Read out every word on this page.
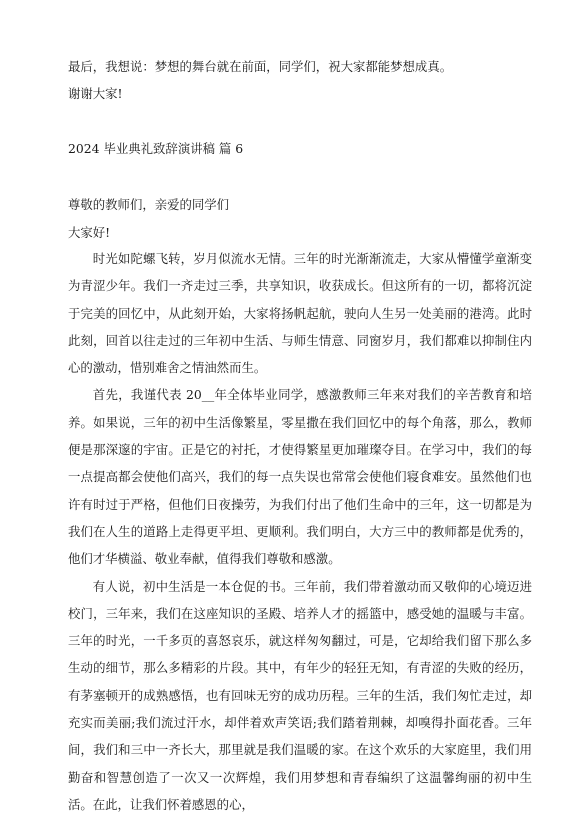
最后，我想说：梦想的舞台就在前面，同学们，祝大家都能梦想成真。

谢谢大家!

2024 毕业典礼致辞演讲稿 篇 6

尊敬的教师们，亲爱的同学们

大家好!

时光如陀螺飞转，岁月似流水无情。三年的时光渐渐流走，大家从懵懂学童渐变为青涩少年。我们一齐走过三季，共享知识，收获成长。但这所有的一切，都将沉淀于完美的回忆中，从此刻开始，大家将扬帆起航，驶向人生另一处美丽的港湾。此时此刻，回首以往走过的三年初中生活、与师生情意、同窗岁月，我们都难以抑制住内心的激动，惜别难舍之情油然而生。

首先，我谨代表 20__年全体毕业同学，感激教师三年来对我们的辛苦教育和培养。如果说，三年的初中生活像繁星，零星撒在我们回忆中的每个角落，那么，教师便是那深邃的宇宙。正是它的衬托，才使得繁星更加璀璨夺目。在学习中，我们的每一点提高都会使他们高兴，我们的每一点失误也常常会使他们寝食难安。虽然他们也许有时过于严格，但他们日夜操劳，为我们付出了他们生命中的三年，这一切都是为我们在人生的道路上走得更平坦、更顺利。我们明白，大方三中的教师都是优秀的，他们才华横溢、敬业奉献，值得我们尊敬和感激。

有人说，初中生活是一本仓促的书。三年前，我们带着激动而又敬仰的心境迈进校门，三年来，我们在这座知识的圣殿、培养人才的摇篮中，感受她的温暖与丰富。三年的时光，一千多页的喜怒哀乐，就这样匆匆翻过，可是，它却给我们留下那么多生动的细节，那么多精彩的片段。其中，有年少的轻狂无知，有青涩的失败的经历，有茅塞顿开的成熟感悟，也有回味无穷的成功历程。三年的生活，我们匆忙走过，却充实而美丽;我们流过汗水，却伴着欢声笑语;我们踏着荆棘，却嗅得扑面花香。三年间，我们和三中一齐长大，那里就是我们温暖的家。在这个欢乐的大家庭里，我们用勤奋和智慧创造了一次又一次辉煌，我们用梦想和青春编织了这温馨绚丽的初中生活。在此，让我们怀着感恩的心，
